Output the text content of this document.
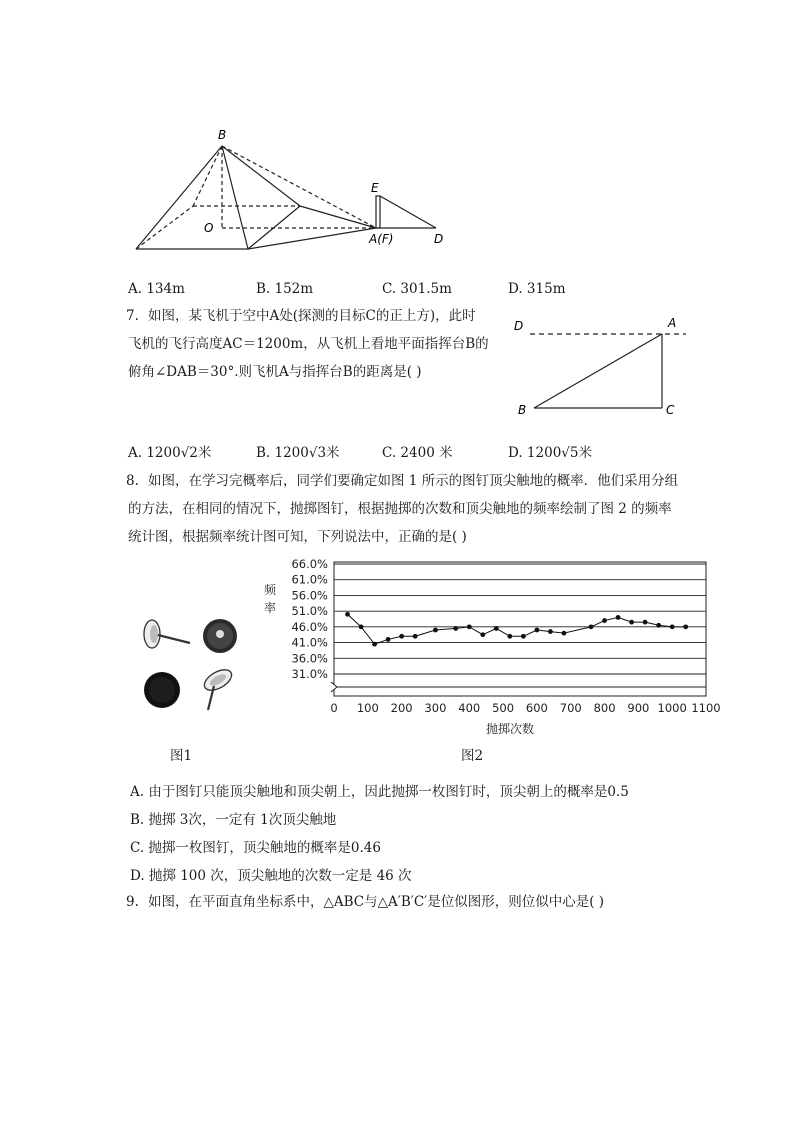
B
O
E
A(F)	D
A. 134m	B. 152m	C. 301.5m	D. 315m
7. 如图，某飞机于空中A处(探测的目标C的正上方)，此时
飞机的飞行高度AC＝1200m，从飞机上看地平面指挥台B的
俯角∠DAB＝30°.则飞机A与指挥台B的距离是( )
D	A
B	C
A. 1200√2米	B. 1200√3米	C. 2400 米	D. 1200√5米
8. 如图，在学习完概率后，同学们要确定如图 1 所示的图钉顶尖触地的概率．他们采用分组
的方法，在相同的情况下，抛掷图钉，根据抛掷的次数和顶尖触地的频率绘制了图 2 的频率
统计图，根据频率统计图可知，下列说法中，正确的是( )
图1
31.0%
36.0%
41.0%
46.0%
51.0%
56.0%
61.0%
66.0%
0 100 200 300 400 500 600 700 800 900 1000 1100
抛掷次数
频
率
图2
A. 由于图钉只能顶尖触地和顶尖朝上，因此抛掷一枚图钉时，顶尖朝上的概率是0.5
B. 抛掷 3次，一定有 1次顶尖触地
C. 抛掷一枚图钉，顶尖触地的概率是0.46
D. 抛掷 100 次，顶尖触地的次数一定是 46 次
9. 如图，在平面直角坐标系中，△ABC与△A′B′C′是位似图形，则位似中心是( )
